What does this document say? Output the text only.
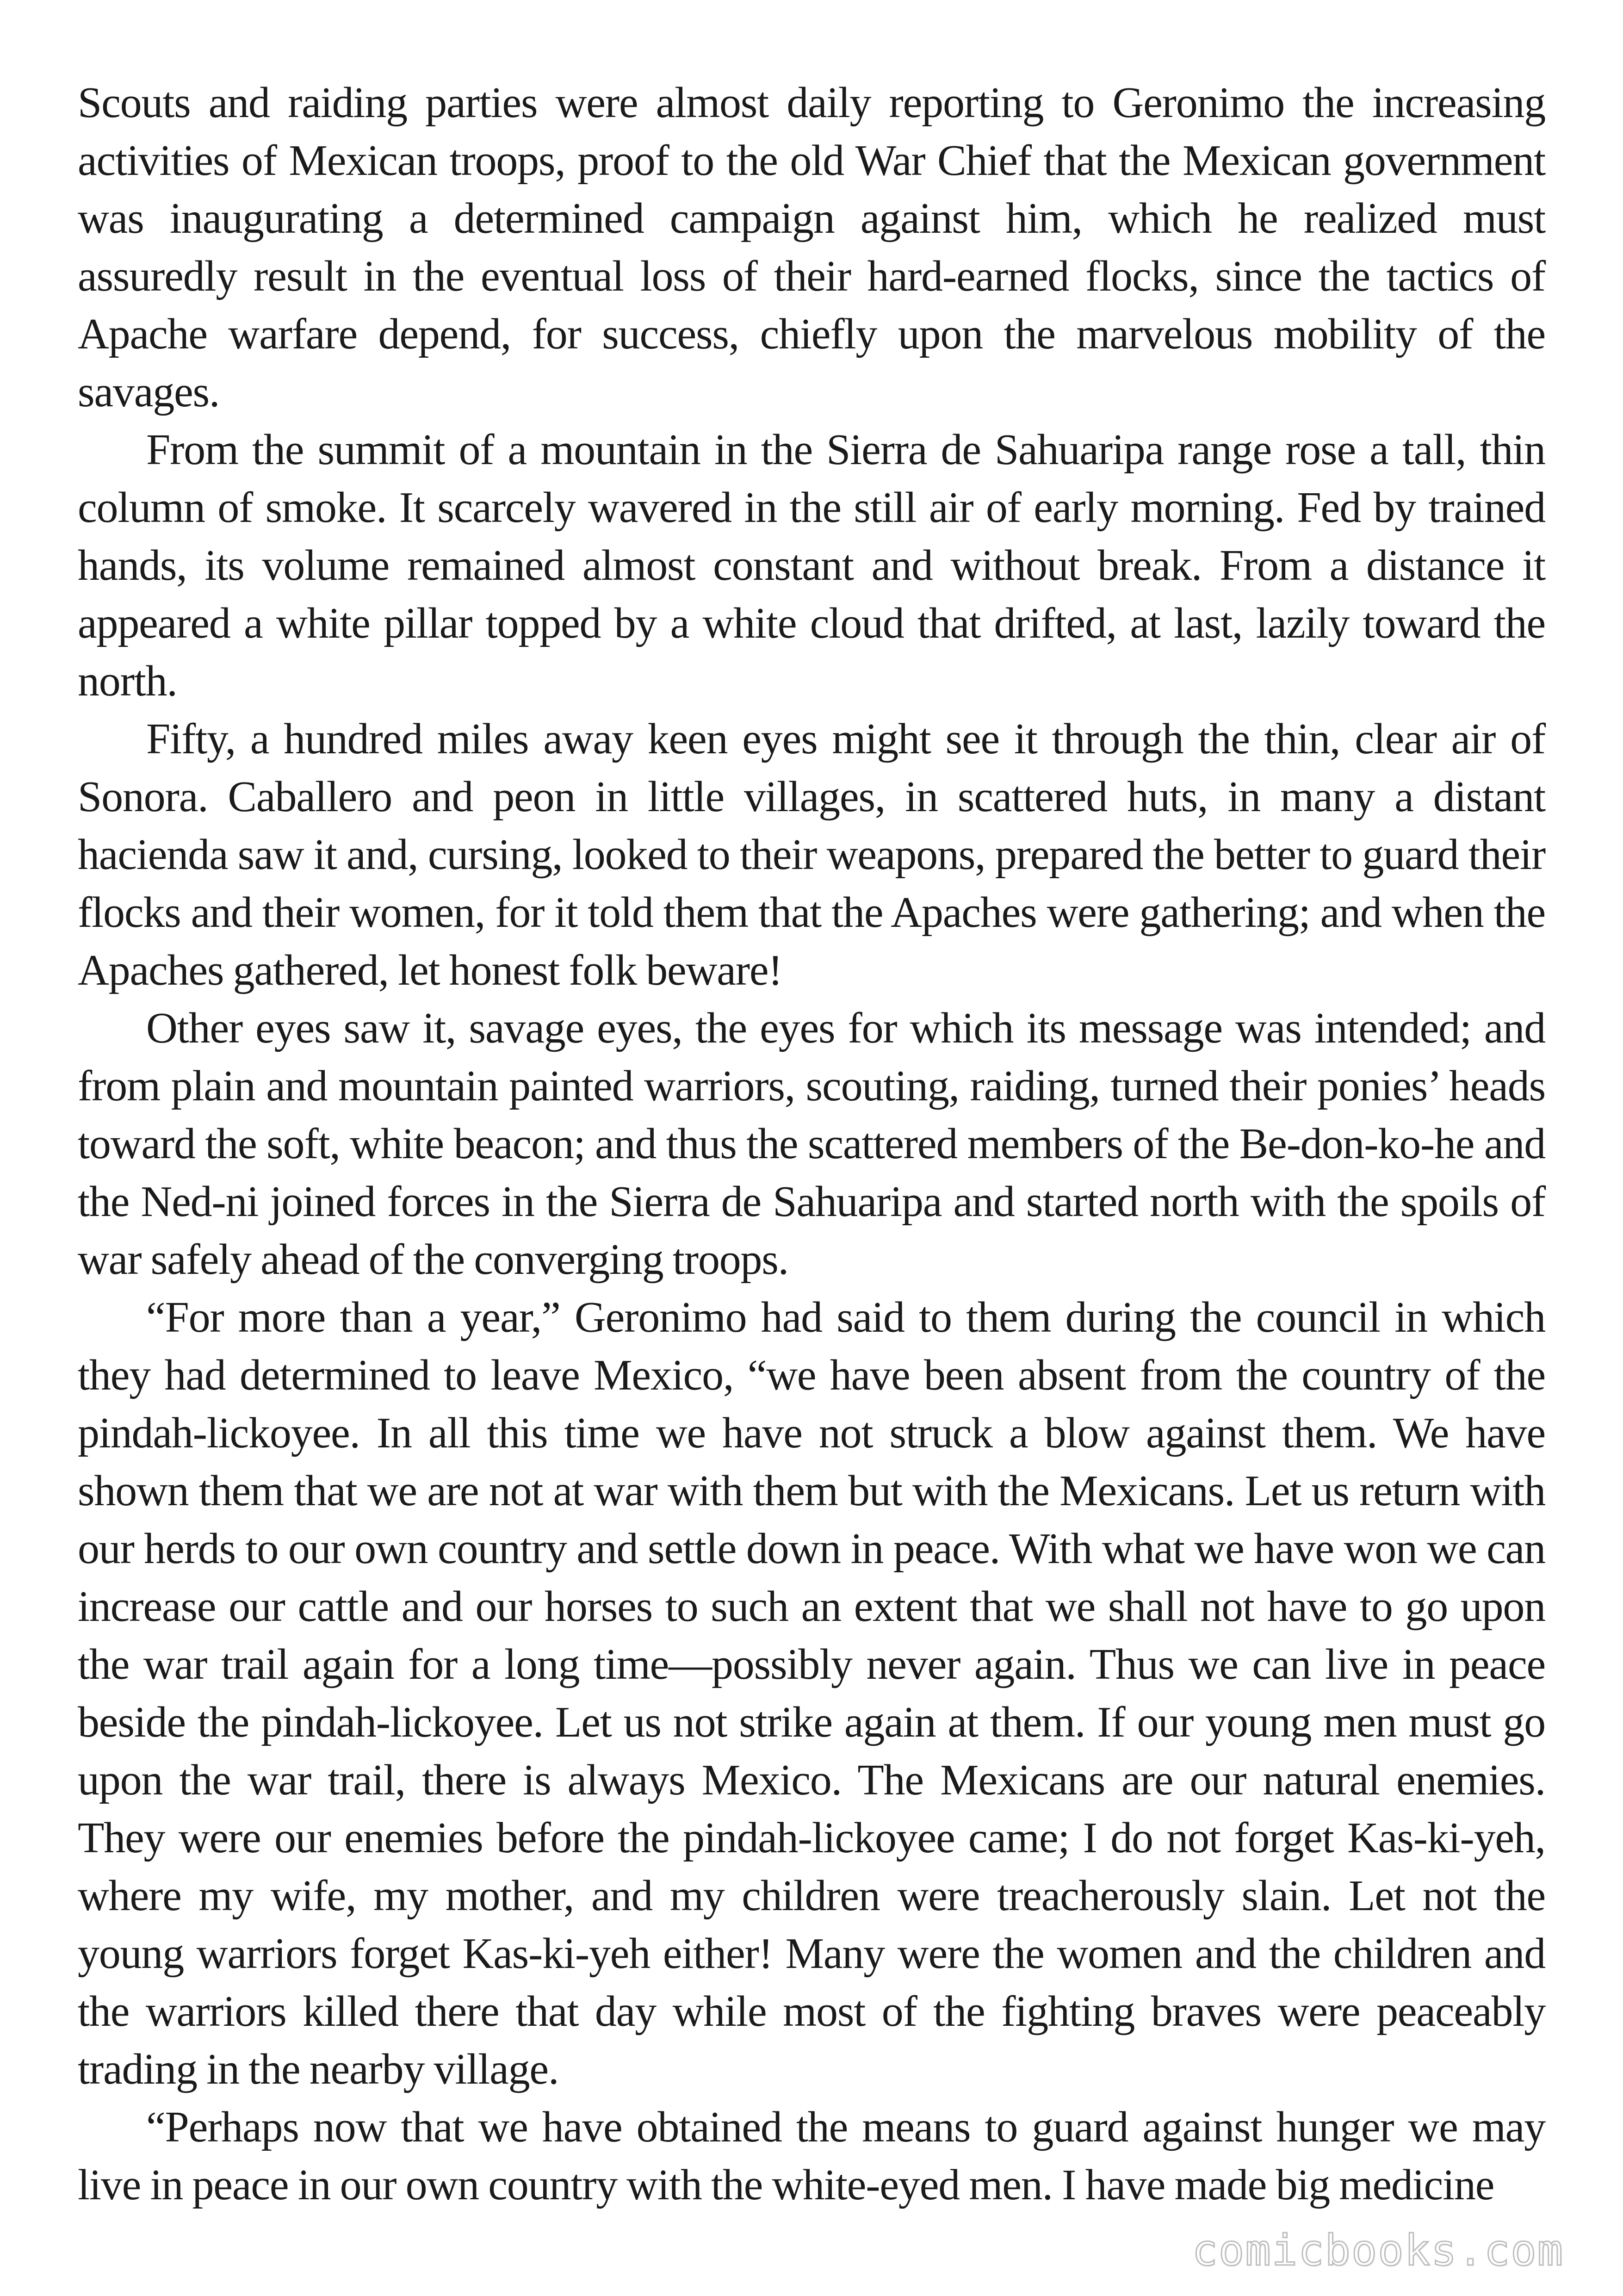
Scouts and raiding parties were almost daily reporting to Geronimo the increasing activities of Mexican troops, proof to the old War Chief that the Mexican government was inaugurating a determined campaign against him, which he realized must assuredly result in the eventual loss of their hard-earned flocks, since the tactics of Apache warfare depend, for success, chiefly upon the marvelous mobility of the savages.

From the summit of a mountain in the Sierra de Sahuaripa range rose a tall, thin column of smoke. It scarcely wavered in the still air of early morning. Fed by trained hands, its volume remained almost constant and without break. From a distance it appeared a white pillar topped by a white cloud that drifted, at last, lazily toward the north.

Fifty, a hundred miles away keen eyes might see it through the thin, clear air of Sonora. Caballero and peon in little villages, in scattered huts, in many a distant hacienda saw it and, cursing, looked to their weapons, prepared the better to guard their flocks and their women, for it told them that the Apaches were gathering; and when the Apaches gathered, let honest folk beware!

Other eyes saw it, savage eyes, the eyes for which its message was intended; and from plain and mountain painted warriors, scouting, raiding, turned their ponies’ heads toward the soft, white beacon; and thus the scattered members of the Be-don-ko-he and the Ned-ni joined forces in the Sierra de Sahuaripa and started north with the spoils of war safely ahead of the converging troops.

“For more than a year,” Geronimo had said to them during the council in which they had determined to leave Mexico, “we have been absent from the country of the pindah-lickoyee. In all this time we have not struck a blow against them. We have shown them that we are not at war with them but with the Mexicans. Let us return with our herds to our own country and settle down in peace. With what we have won we can increase our cattle and our horses to such an extent that we shall not have to go upon the war trail again for a long time—possibly never again. Thus we can live in peace beside the pindah-lickoyee. Let us not strike again at them. If our young men must go upon the war trail, there is always Mexico. The Mexicans are our natural enemies. They were our enemies before the pindah-lickoyee came; I do not forget Kas-ki-yeh, where my wife, my mother, and my children were treacherously slain. Let not the young warriors forget Kas-ki-yeh either! Many were the women and the children and the warriors killed there that day while most of the fighting braves were peaceably trading in the nearby village.

“Perhaps now that we have obtained the means to guard against hunger we may live in peace in our own country with the white-eyed men. I have made big medicine

comicbooks.com
